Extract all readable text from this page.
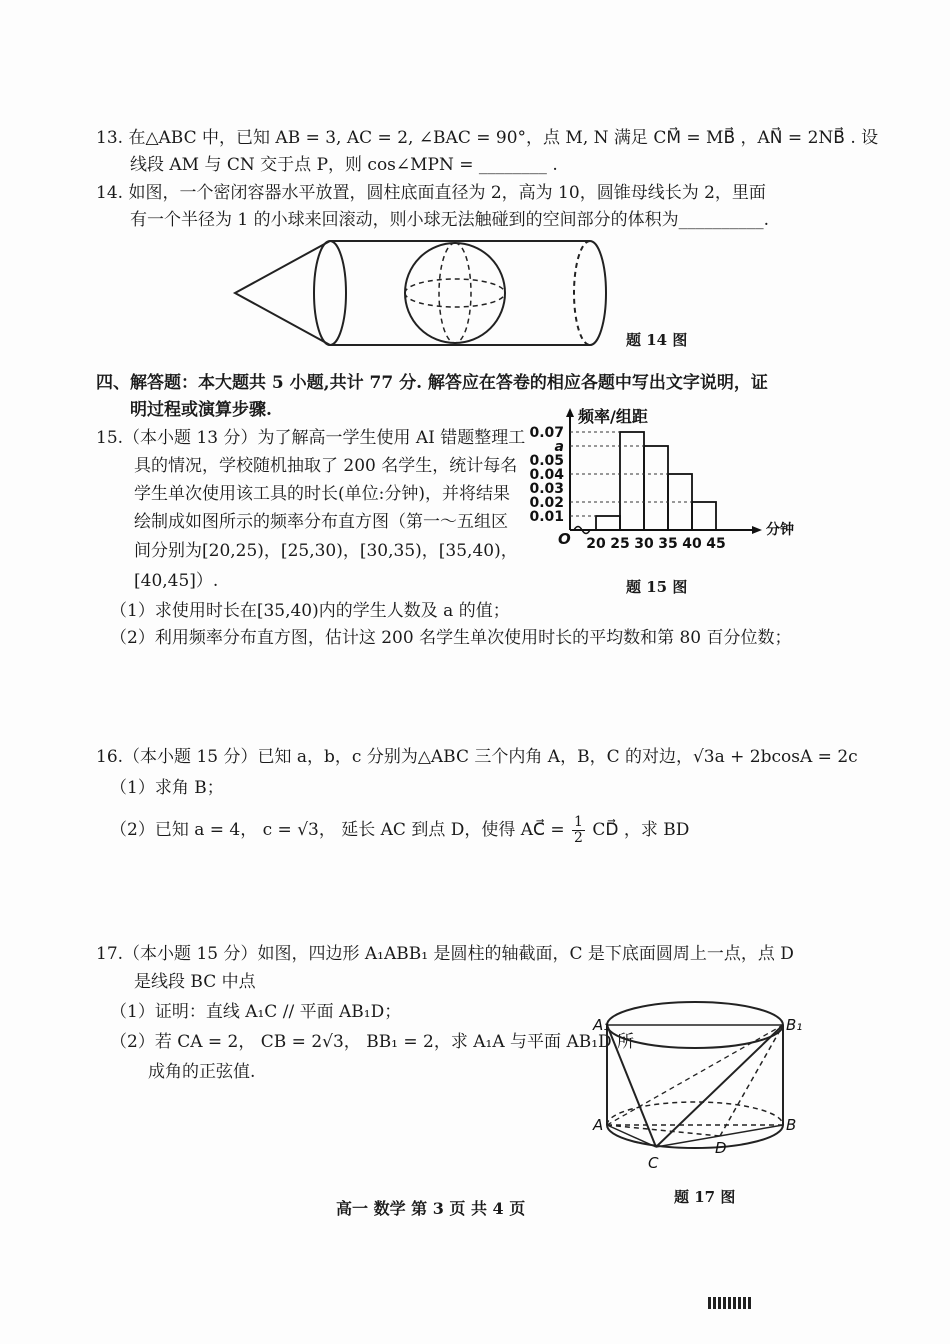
13. 在△ABC 中，已知 AB = 3, AC = 2, ∠BAC = 90°，点 M, N 满足 CM⃗ = MB⃗ ，AN⃗ = 2NB⃗ . 设
线段 AM 与 CN 交于点 P，则 cos∠MPN = ________ .
14. 如图，一个密闭容器水平放置，圆柱底面直径为 2，高为 10，圆锥母线长为 2，里面
有一个半径为 1 的小球来回滚动，则小球无法触碰到的空间部分的体积为__________.
题 14 图
四、解答题：本大题共 5 小题,共计 77 分. 解答应在答卷的相应各题中写出文字说明，证
明过程或演算步骤.
15.（本小题 13 分）为了解高一学生使用 AI 错题整理工
具的情况，学校随机抽取了 200 名学生，统计每名
学生单次使用该工具的时长(单位:分钟)，并将结果
绘制成如图所示的频率分布直方图（第一～五组区
间分别为[20,25)，[25,30)，[30,35)，[35,40)，
[40,45]）.
0.01
0.02
0.03
0.04
0.05
a
0.07
20 25 30 35 40 45
O
频率/组距
分钟
题 15 图
（1）求使用时长在[35,40)内的学生人数及 a 的值；
（2）利用频率分布直方图，估计这 200 名学生单次使用时长的平均数和第 80 百分位数；
16.（本小题 15 分）已知 a，b，c 分别为△ABC 三个内角 A，B，C 的对边，√3a + 2bcosA = 2c
（1）求角 B；
（2）已知 a = 4， c = √3， 延长 AC 到点 D，使得 AC⃗ = $\frac{1}{2}$ CD⃗ ，求 BD
17.（本小题 15 分）如图，四边形 A₁ABB₁ 是圆柱的轴截面，C 是下底面圆周上一点，点 D
是线段 BC 中点
（1）证明：直线 A₁C // 平面 AB₁D；
（2）若 CA = 2， CB = 2√3， BB₁ = 2，求 A₁A 与平面 AB₁D 所
成角的正弦值.
A₁	B₁
A	B
C
D
题 17 图
高一 数学 第 3 页 共 4 页
